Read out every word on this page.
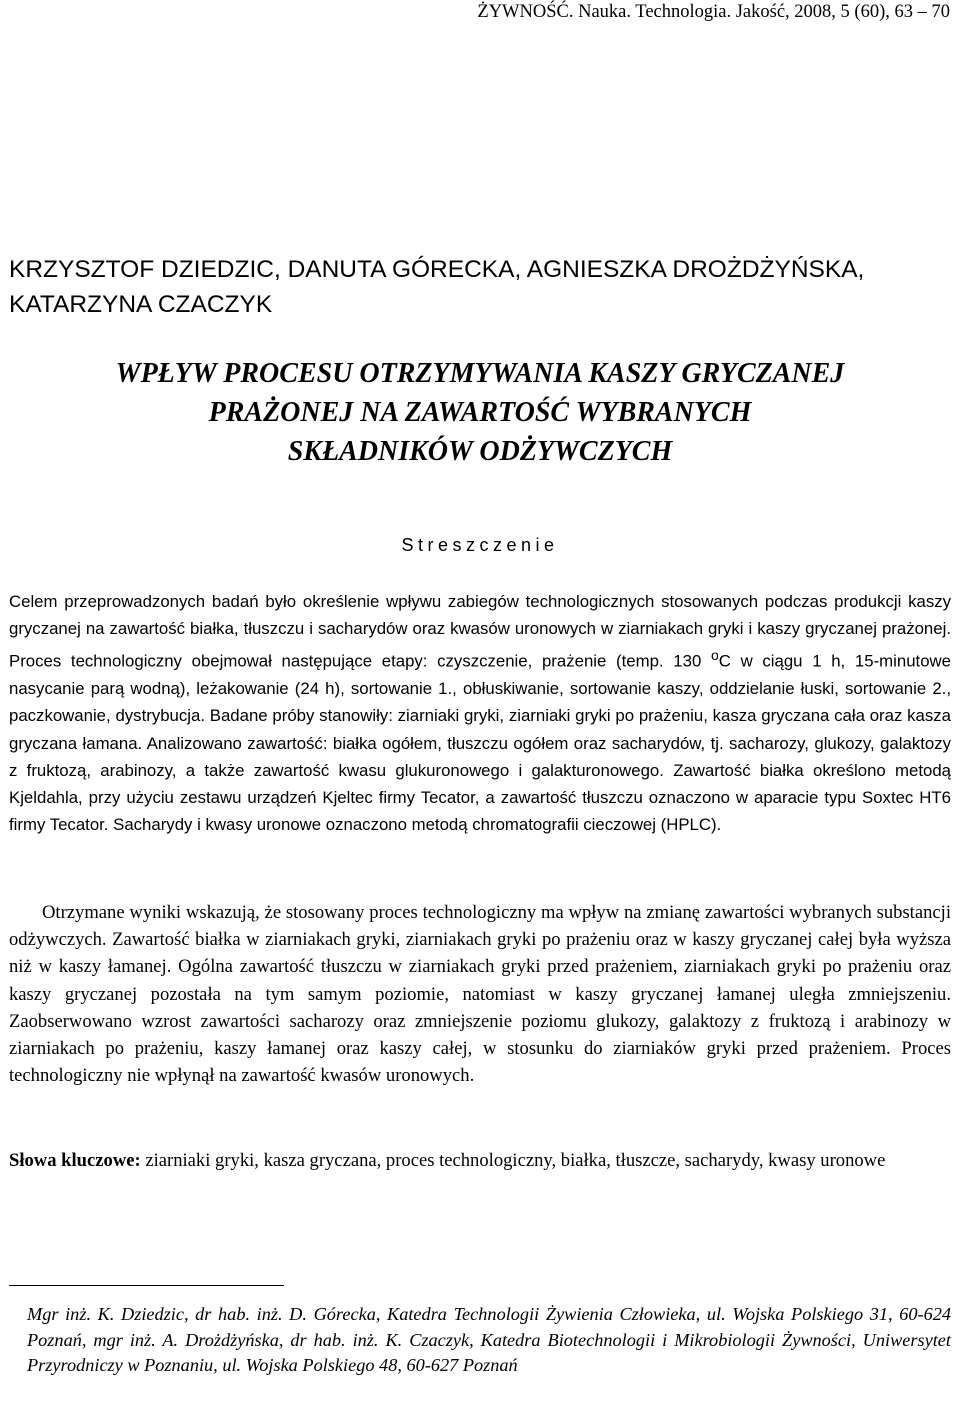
ŻYWNOŚĆ. Nauka. Technologia. Jakość, 2008, 5 (60), 63 – 70
KRZYSZTOF DZIEDZIC, DANUTA GÓRECKA, AGNIESZKA DROŻDŻYŃSKA,
KATARZYNA CZACZYK
WPŁYW PROCESU OTRZYMYWANIA KASZY GRYCZANEJ
PRAŻONEJ NA ZAWARTOŚĆ WYBRANYCH
SKŁADNIKÓW ODŻYWCZYCH
Streszczenie

Celem przeprowadzonych badań było określenie wpływu zabiegów technologicznych stosowanych podczas produkcji kaszy gryczanej na zawartość białka, tłuszczu i sacharydów oraz kwasów uronowych w ziarniakach gryki i kaszy gryczanej prażonej. Proces technologiczny obejmował następujące etapy: czyszczenie, prażenie (temp. 130 $^o$C w ciągu 1 h, 15-minutowe nasycanie parą wodną), leżakowanie (24 h), sortowanie 1., obłuskiwanie, sortowanie kaszy, oddzielanie łuski, sortowanie 2., paczkowanie, dystrybucja. Badane próby stanowiły: ziarniaki gryki, ziarniaki gryki po prażeniu, kasza gryczana cała oraz kasza gryczana łamana. Analizowano zawartość: białka ogółem, tłuszczu ogółem oraz sacharydów, tj. sacharozy, glukozy, galaktozy z fruktozą, arabinozy, a także zawartość kwasu glukuronowego i galakturonowego. Zawartość białka określono metodą Kjeldahla, przy użyciu zestawu urządzeń Kjeltec firmy Tecator, a zawartość tłuszczu oznaczono w aparacie typu Soxtec HT6 firmy Tecator. Sacharydy i kwasy uronowe oznaczono metodą chromatografii cieczowej (HPLC).

Otrzymane wyniki wskazują, że stosowany proces technologiczny ma wpływ na zmianę zawartości wybranych substancji odżywczych. Zawartość białka w ziarniakach gryki, ziarniakach gryki po prażeniu oraz w kaszy gryczanej całej była wyższa niż w kaszy łamanej. Ogólna zawartość tłuszczu w ziarniakach gryki przed prażeniem, ziarniakach gryki po prażeniu oraz kaszy gryczanej pozostała na tym samym poziomie, natomiast w kaszy gryczanej łamanej uległa zmniejszeniu. Zaobserwowano wzrost zawartości sacharozy oraz zmniejszenie poziomu glukozy, galaktozy z fruktozą i arabinozy w ziarniakach po prażeniu, kaszy łamanej oraz kaszy całej, w stosunku do ziarniaków gryki przed prażeniem. Proces technologiczny nie wpłynął na zawartość kwasów uronowych.

Słowa kluczowe: ziarniaki gryki, kasza gryczana, proces technologiczny, białka, tłuszcze, sacharydy, kwasy uronowe

Mgr inż. K. Dziedzic, dr hab. inż. D. Górecka, Katedra Technologii Żywienia Człowieka, ul. Wojska Polskiego 31, 60-624 Poznań, mgr inż. A. Drożdżyńska, dr hab. inż. K. Czaczyk, Katedra Biotechnologii i Mikrobiologii Żywności, Uniwersytet Przyrodniczy w Poznaniu, ul. Wojska Polskiego 48, 60-627 Poznań
